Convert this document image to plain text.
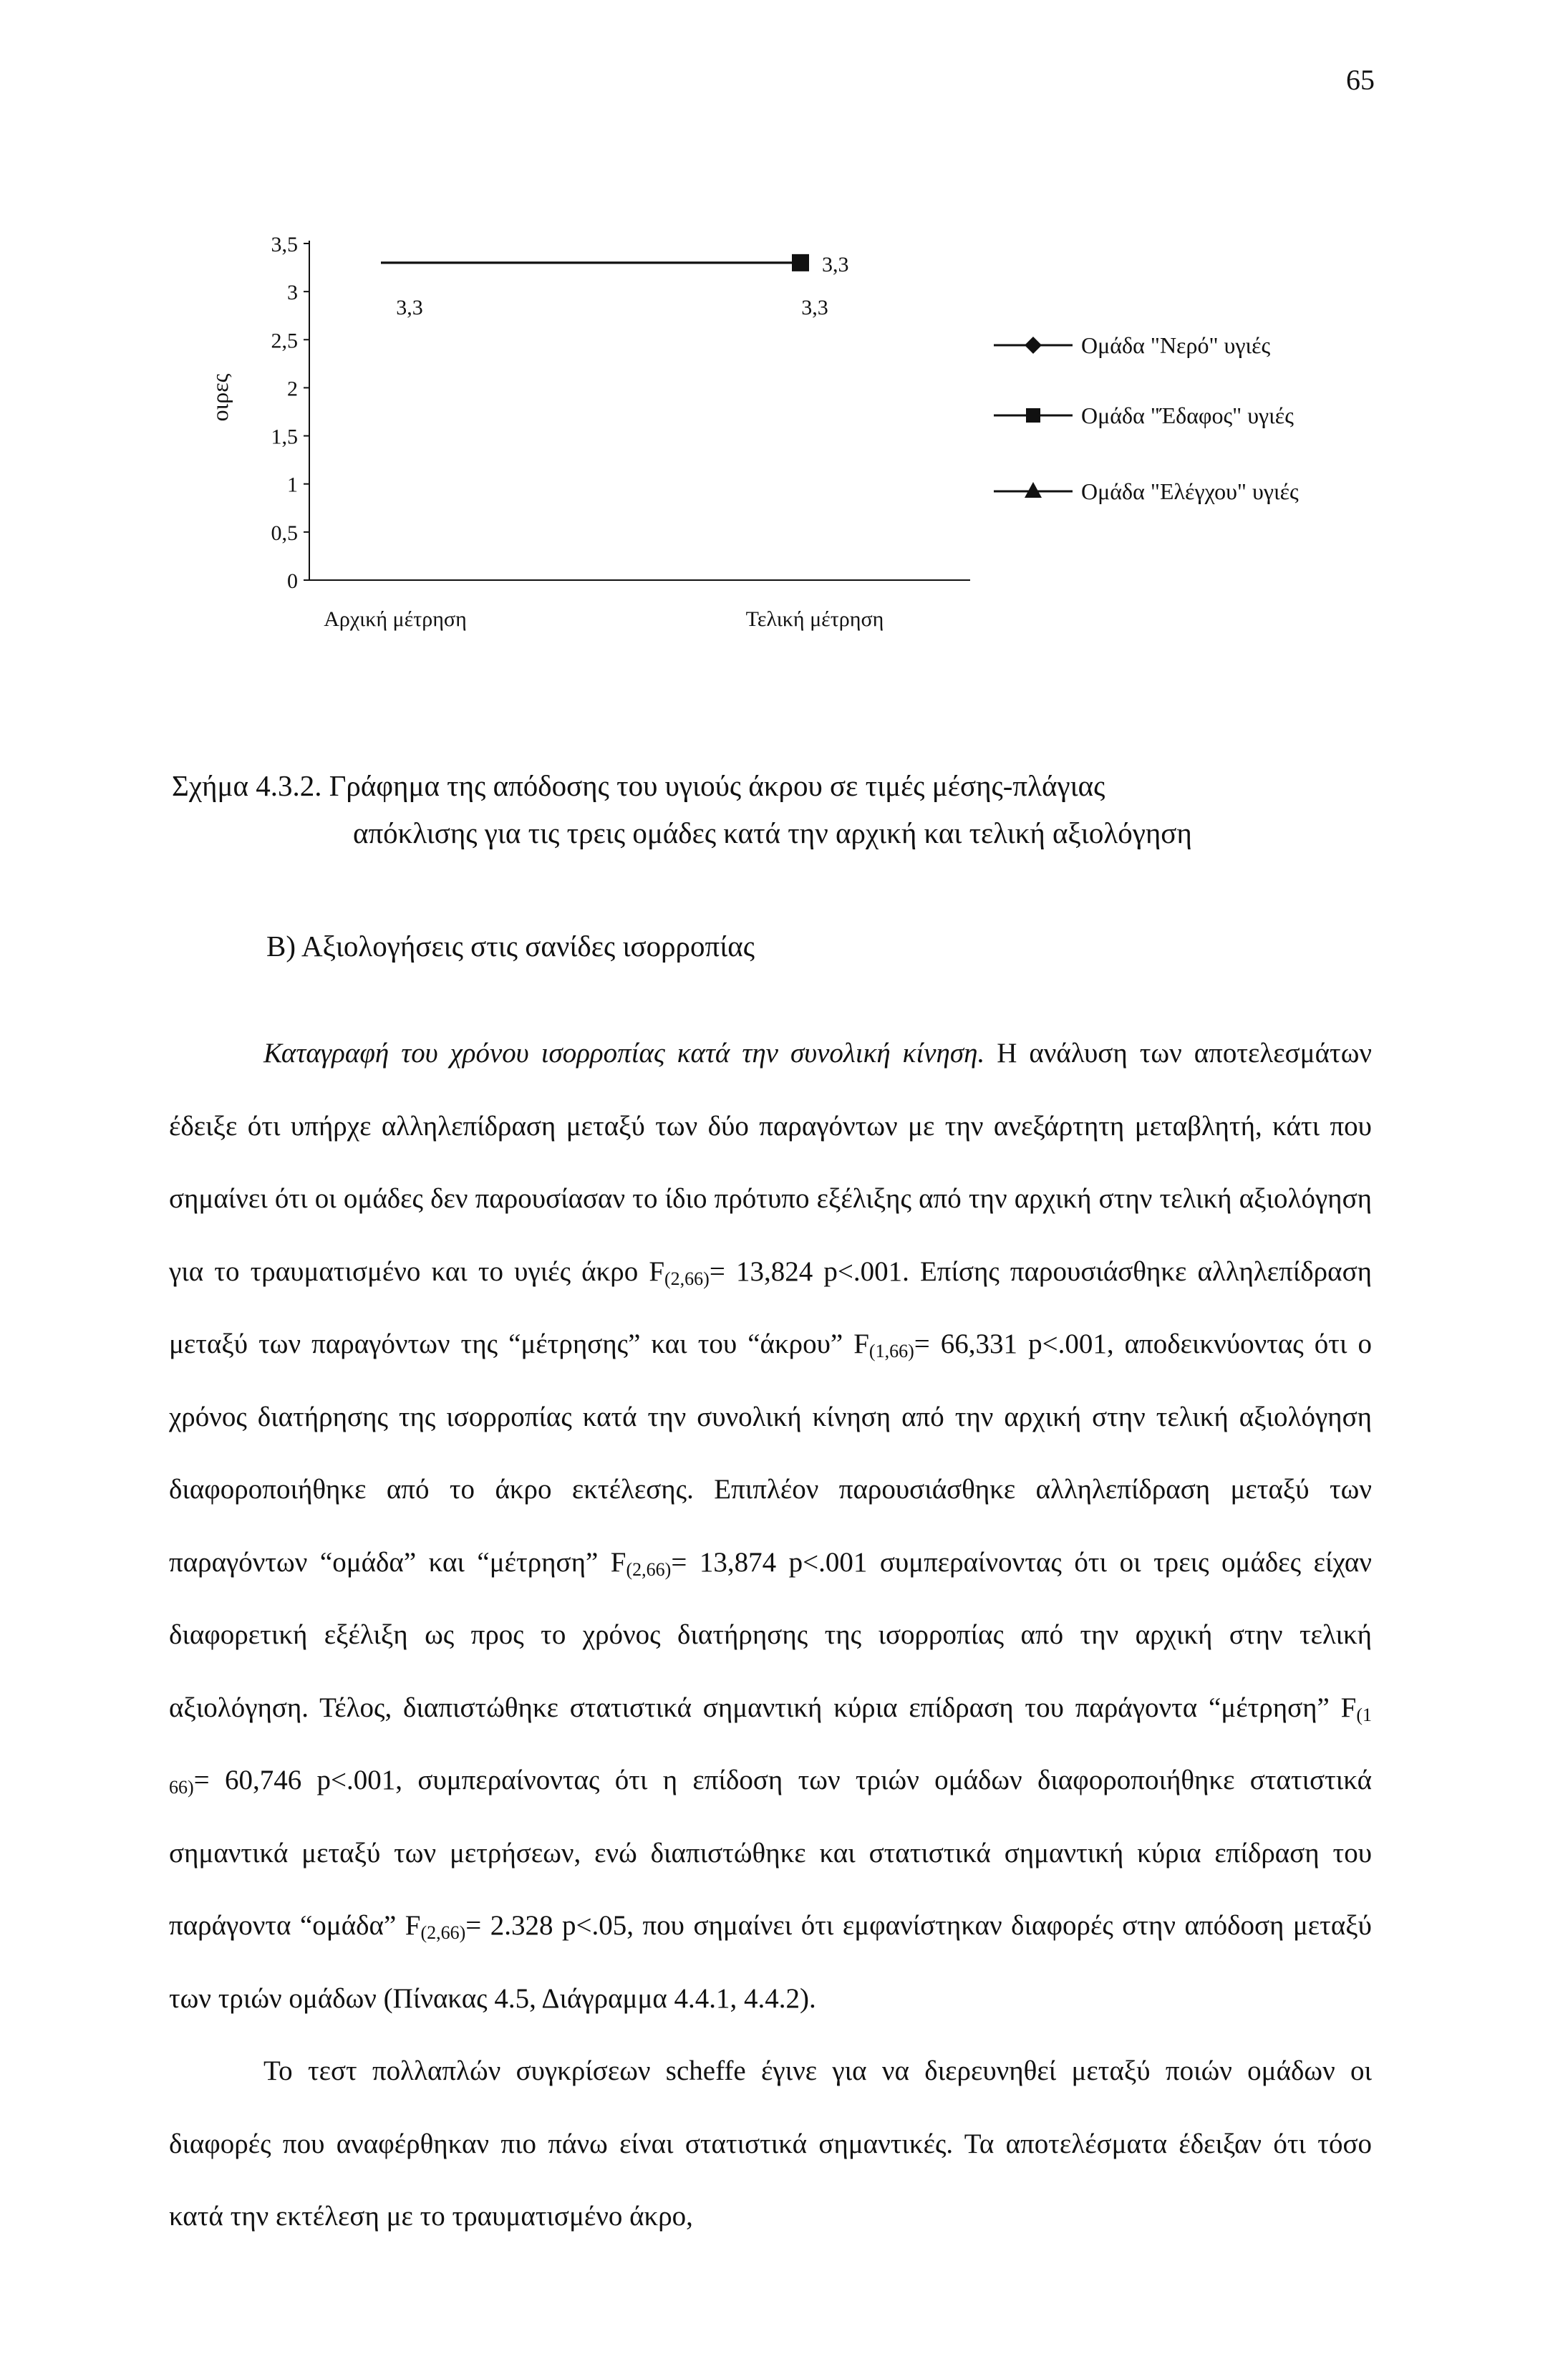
65
0
0,5
1
1,5
2
2,5
3
3,5
οιρες
Αρχική μέτρηση	Τελική μέτρηση
3,3
3,3	3,3
Ομάδα "Νερό" υγιές
Ομάδα "Έδαφος" υγιές
Ομάδα "Ελέγχου" υγιές
Σχήμα 4.3.2. Γράφημα της απόδοσης του υγιούς άκρου σε τιμές μέσης-πλάγιας
απόκλισης για τις τρεις ομάδες κατά την αρχική και τελική αξιολόγηση
Β) Αξιολογήσεις στις σανίδες ισορροπίας

Καταγραφή του χρόνου ισορροπίας κατά την συνολική κίνηση. Η ανάλυση των αποτελεσμάτων έδειξε ότι υπήρχε αλληλεπίδραση μεταξύ των δύο παραγόντων με την ανεξάρτητη μεταβλητή, κάτι που σημαίνει ότι οι ομάδες δεν παρουσίασαν το ίδιο πρότυπο εξέλιξης από την αρχική στην τελική αξιολόγηση για το τραυματισμένο και το υγιές άκρο $F_{(2,66)}= 13,824$ p<.001. Επίσης παρουσιάσθηκε αλληλεπίδραση μεταξύ των παραγόντων της “μέτρησης” και του “άκρου” $F_{(1,66)}= 66,331$ p<.001, αποδεικνύοντας ότι ο χρόνος διατήρησης της ισορροπίας κατά την συνολική κίνηση από την αρχική στην τελική αξιολόγηση διαφοροποιήθηκε από το άκρο εκτέλεσης. Επιπλέον παρουσιάσθηκε αλληλεπίδραση μεταξύ των παραγόντων “ομάδα” και “μέτρηση” $F_{(2,66)}= 13,874$ p<.001 συμπεραίνοντας ότι οι τρεις ομάδες είχαν διαφορετική εξέλιξη ως προς το χρόνος διατήρησης της ισορροπίας από την αρχική στην τελική αξιολόγηση. Τέλος, διαπιστώθηκε στατιστικά σημαντική κύρια επίδραση του παράγοντα “μέτρηση” $F_{(1 66)}= 60,746$ p<.001, συμπεραίνοντας ότι η επίδοση των τριών ομάδων διαφοροποιήθηκε στατιστικά σημαντικά μεταξύ των μετρήσεων, ενώ διαπιστώθηκε και στατιστικά σημαντική κύρια επίδραση του παράγοντα “ομάδα” $F_{(2,66)}= 2.328$ p<.05, που σημαίνει ότι εμφανίστηκαν διαφορές στην απόδοση μεταξύ των τριών ομάδων (Πίνακας 4.5, Διάγραμμα 4.4.1, 4.4.2).

Το τεστ πολλαπλών συγκρίσεων scheffe έγινε για να διερευνηθεί μεταξύ ποιών ομάδων οι διαφορές που αναφέρθηκαν πιο πάνω είναι στατιστικά σημαντικές. Τα αποτελέσματα έδειξαν ότι τόσο κατά την εκτέλεση με το τραυματισμένο άκρο,
